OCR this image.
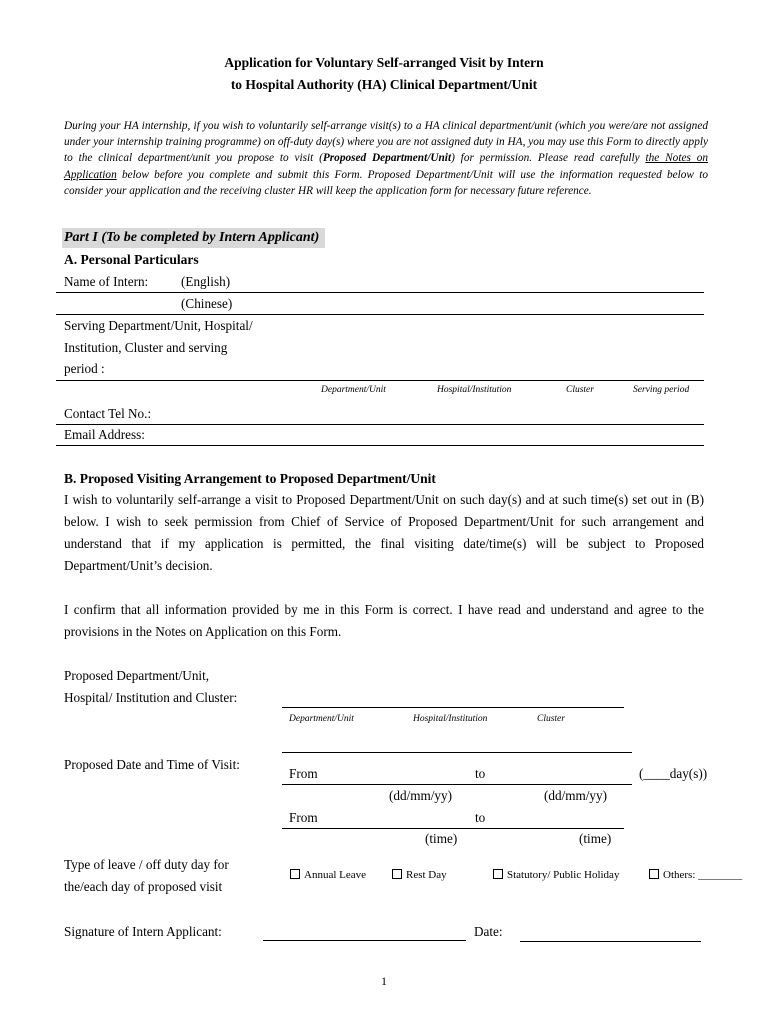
Application for Voluntary Self-arranged Visit by Intern
to Hospital Authority (HA) Clinical Department/Unit
During your HA internship, if you wish to voluntarily self-arrange visit(s) to a HA clinical department/unit (which you were/are not assigned under your internship training programme) on off-duty day(s) where you are not assigned duty in HA, you may use this Form to directly apply to the clinical department/unit you propose to visit (Proposed Department/Unit) for permission. Please read carefully the Notes on Application below before you complete and submit this Form. Proposed Department/Unit will use the information requested below to consider your application and the receiving cluster HR will keep the application form for necessary future reference.
Part I (To be completed by Intern Applicant)
A. Personal Particulars
Name of Intern: (English)
(Chinese)
Serving Department/Unit, Hospital/
Institution, Cluster and serving
period :
Department/Unit	Hospital/Institution	Cluster	Serving period
Contact Tel No.:
Email Address:
B. Proposed Visiting Arrangement to Proposed Department/Unit
I wish to voluntarily self-arrange a visit to Proposed Department/Unit on such day(s) and at such time(s) set out in (B) below. I wish to seek permission from Chief of Service of Proposed Department/Unit for such arrangement and understand that if my application is permitted, the final visiting date/time(s) will be subject to Proposed Department/Unit’s decision.
I confirm that all information provided by me in this Form is correct. I have read and understand and agree to the provisions in the Notes on Application on this Form.
Proposed Department/Unit,
Hospital/ Institution and Cluster:
Department/Unit	Hospital/Institution	Cluster
Proposed Date and Time of Visit:
From	to	(____day(s))
(dd/mm/yy)	(dd/mm/yy)
From	to
(time)	(time)
Type of leave / off duty day for
the/each day of proposed visit
Annual Leave	Rest Day	Statutory/ Public Holiday	Others: ________
Signature of Intern Applicant:	Date:
1
